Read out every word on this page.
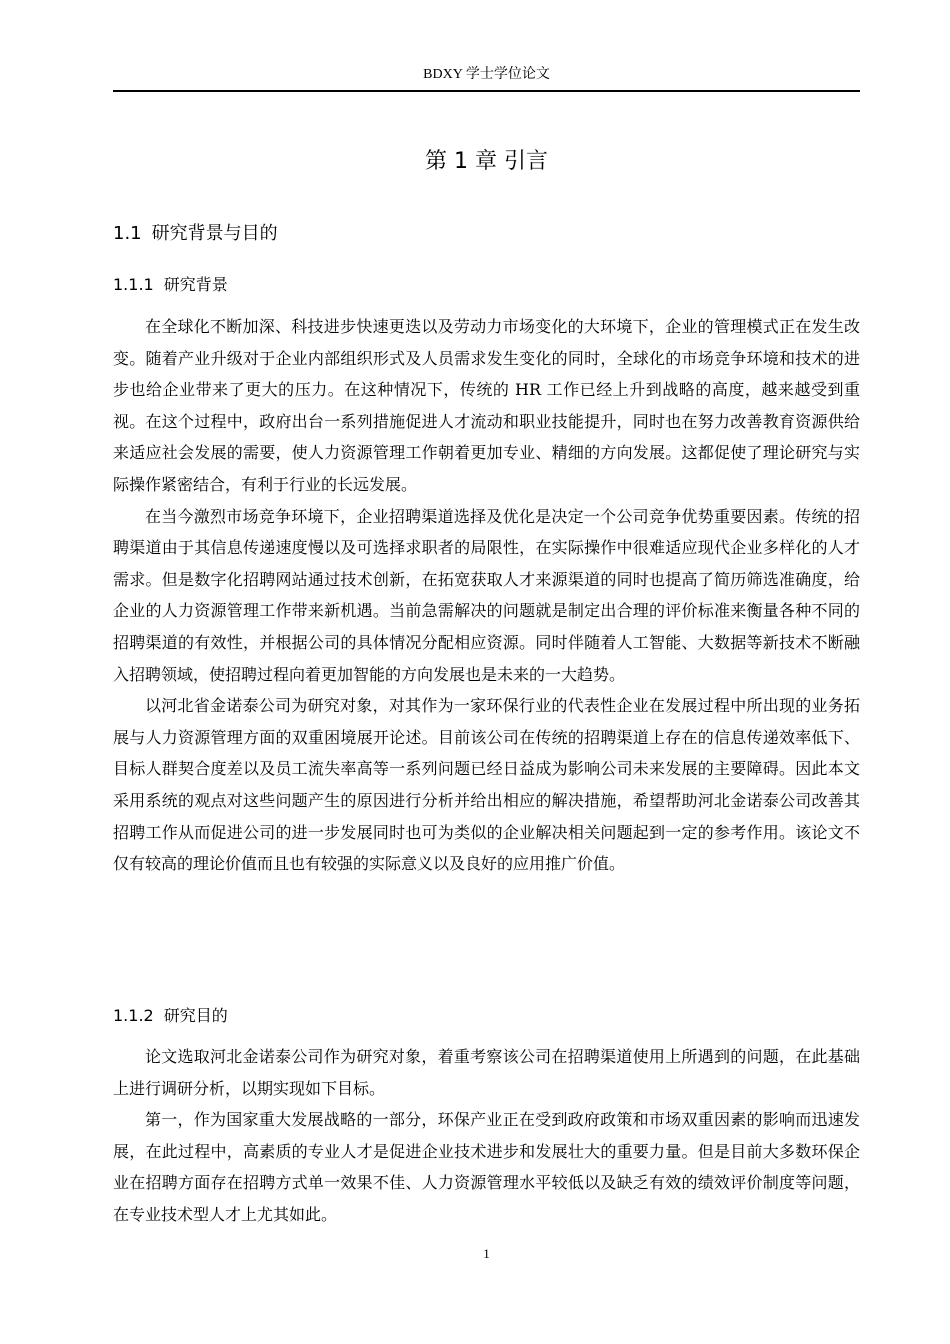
BDXY 学士学位论文
第 1 章 引言
1.1 研究背景与目的
1.1.1 研究背景

在全球化不断加深、科技进步快速更迭以及劳动力市场变化的大环境下，企业的管理模式正在发生改变。随着产业升级对于企业内部组织形式及人员需求发生变化的同时，全球化的市场竞争环境和技术的进步也给企业带来了更大的压力。在这种情况下，传统的 HR 工作已经上升到战略的高度，越来越受到重视。在这个过程中，政府出台一系列措施促进人才流动和职业技能提升，同时也在努力改善教育资源供给来适应社会发展的需要，使人力资源管理工作朝着更加专业、精细的方向发展。这都促使了理论研究与实际操作紧密结合，有利于行业的长远发展。

在当今激烈市场竞争环境下，企业招聘渠道选择及优化是决定一个公司竞争优势重要因素。传统的招聘渠道由于其信息传递速度慢以及可选择求职者的局限性，在实际操作中很难适应现代企业多样化的人才需求。但是数字化招聘网站通过技术创新，在拓宽获取人才来源渠道的同时也提高了简历筛选准确度，给企业的人力资源管理工作带来新机遇。当前急需解决的问题就是制定出合理的评价标准来衡量各种不同的招聘渠道的有效性，并根据公司的具体情况分配相应资源。同时伴随着人工智能、大数据等新技术不断融入招聘领域，使招聘过程向着更加智能的方向发展也是未来的一大趋势。

以河北省金诺泰公司为研究对象，对其作为一家环保行业的代表性企业在发展过程中所出现的业务拓展与人力资源管理方面的双重困境展开论述。目前该公司在传统的招聘渠道上存在的信息传递效率低下、目标人群契合度差以及员工流失率高等一系列问题已经日益成为影响公司未来发展的主要障碍。因此本文采用系统的观点对这些问题产生的原因进行分析并给出相应的解决措施，希望帮助河北金诺泰公司改善其招聘工作从而促进公司的进一步发展同时也可为类似的企业解决相关问题起到一定的参考作用。该论文不仅有较高的理论价值而且也有较强的实际意义以及良好的应用推广价值。

1.1.2 研究目的

论文选取河北金诺泰公司作为研究对象，着重考察该公司在招聘渠道使用上所遇到的问题，在此基础上进行调研分析，以期实现如下目标。

第一，作为国家重大发展战略的一部分，环保产业正在受到政府政策和市场双重因素的影响而迅速发展，在此过程中，高素质的专业人才是促进企业技术进步和发展壮大的重要力量。但是目前大多数环保企业在招聘方面存在招聘方式单一效果不佳、人力资源管理水平较低以及缺乏有效的绩效评价制度等问题，在专业技术型人才上尤其如此。

1
